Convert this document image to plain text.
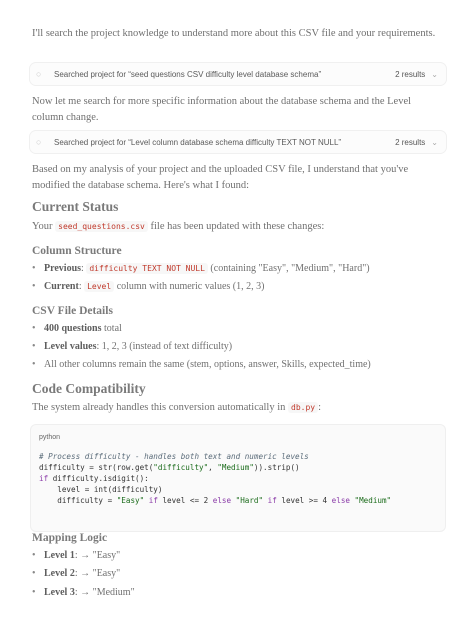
I'll search the project knowledge to understand more about this CSV file and your requirements.

○	Searched project for “seed questions CSV difficulty level database schema”	2 results ⌄

Now let me search for more specific information about the database schema and the Level column change.

○	Searched project for “Level column database schema difficulty TEXT NOT NULL”	2 results ⌄

Based on my analysis of your project and the uploaded CSV file, I understand that you've modified the database schema. Here's what I found:

Current Status

Your seed_questions.csv file has been updated with these changes:

Column Structure
• Previous: difficulty TEXT NOT NULL (containing "Easy", "Medium", "Hard")
• Current: Level column with numeric values (1, 2, 3)
CSV File Details
• 400 questions total
• Level values: 1, 2, 3 (instead of text difficulty)
• All other columns remain the same (stem, options, answer, Skills, expected_time)
Code Compatibility

The system already handles this conversion automatically in db.py :

python
# Process difficulty - handles both text and numeric levels
difficulty = str(row.get("difficulty", "Medium")).strip()
if difficulty.isdigit():
level = int(difficulty)
difficulty = "Easy" if level <= 2 else "Hard" if level >= 4 else "Medium"
Mapping Logic
• Level 1: → "Easy"
• Level 2: → "Easy"
• Level 3: → "Medium"
